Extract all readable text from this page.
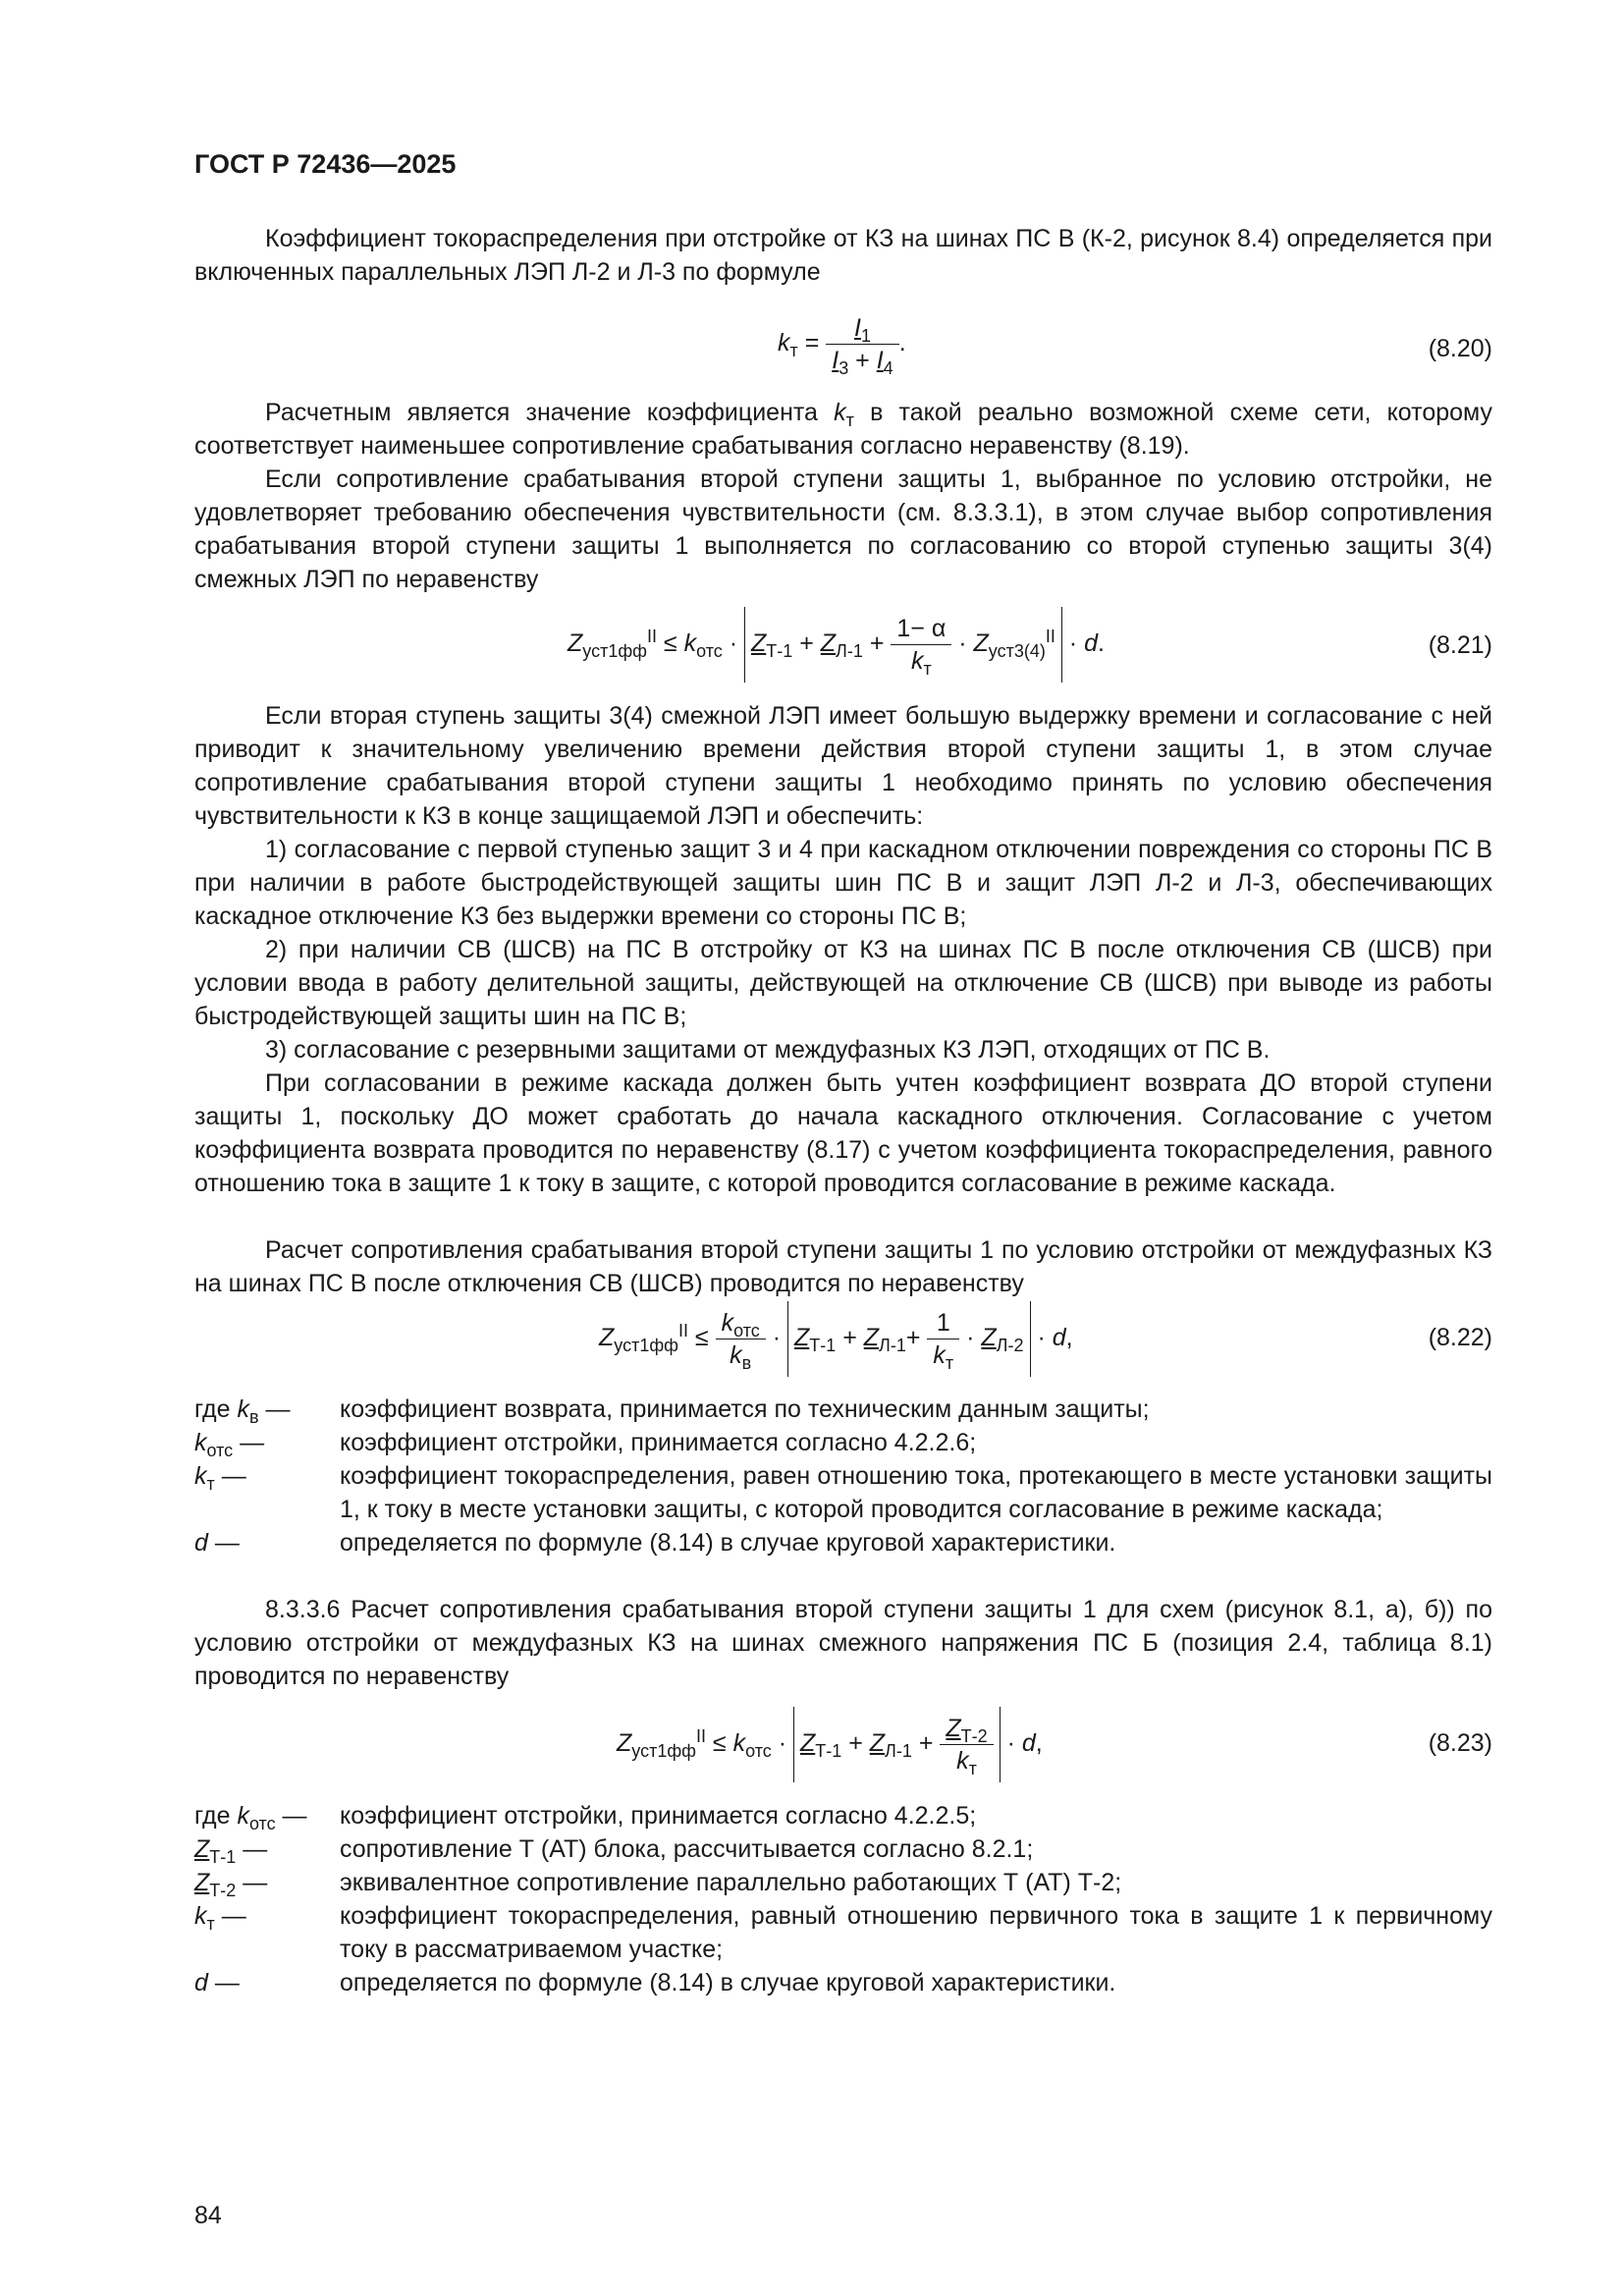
ГОСТ Р 72436—2025
Коэффициент токораспределения при отстройке от КЗ на шинах ПС В (К-2, рисунок 8.4) определяется при включенных параллельных ЛЭП Л-2 и Л-3 по формуле
$k_т = \frac{I_1}{I_3 + I_4}$ .	(8.20)
Расчетным является значение коэффициента $k_т$ в такой реально возможной схеме сети, которому соответствует наименьшее сопротивление срабатывания согласно неравенству (8.19).
Если сопротивление срабатывания второй ступени защиты 1, выбранное по условию отстройки, не удовлетворяет требованию обеспечения чувствительности (см. 8.3.3.1), в этом случае выбор сопротивления срабатывания второй ступени защиты 1 выполняется по согласованию со второй ступенью защиты 3(4) смежных ЛЭП по неравенству
$Z_{уст1фф}^{II} \le k_{отс} \cdot Z_{Т-1} + Z_{Л-1}$ +
1− α
$k_т$
· $Z_{уст3(4)}^{II} \cdot d$.	(8.21)
Если вторая ступень защиты 3(4) смежной ЛЭП имеет большую выдержку времени и согласование с ней приводит к значительному увеличению времени действия второй ступени защиты 1, в этом случае сопротивление срабатывания второй ступени защиты 1 необходимо принять по условию обеспечения чувствительности к КЗ в конце защищаемой ЛЭП и обеспечить:
1) согласование с первой ступенью защит 3 и 4 при каскадном отключении повреждения со стороны ПС В при наличии в работе быстродействующей защиты шин ПС В и защит ЛЭП Л-2 и Л-3, обеспечивающих каскадное отключение КЗ без выдержки времени со стороны ПС В;
2) при наличии СВ (ШСВ) на ПС В отстройку от КЗ на шинах ПС В после отключения СВ (ШСВ) при условии ввода в работу делительной защиты, действующей на отключение СВ (ШСВ) при выводе из работы быстродействующей защиты шин на ПС В;
3) согласование с резервными защитами от междуфазных КЗ ЛЭП, отходящих от ПС В.
При согласовании в режиме каскада должен быть учтен коэффициент возврата ДО второй ступени защиты 1, поскольку ДО может сработать до начала каскадного отключения. Согласование с учетом коэффициента возврата проводится по неравенству (8.17) с учетом коэффициента токораспределения, равного отношению тока в защите 1 к току в защите, с которой проводится согласование в режиме каскада.
Расчет сопротивления срабатывания второй ступени защиты 1 по условию отстройки от междуфазных КЗ на шинах ПС В после отключения СВ (ШСВ) проводится по неравенству
$Z_{уст1фф}^{II}$ ≤
$k_{отс}$
$k_в$
· $Z_{Т-1} + Z_{Л-1}+$
1
$k_т$
· $Z_{Л-2} \cdot d$,	(8.22)
где $k_в$ —	коэффициент возврата, принимается по техническим данным защиты;
$k_{отс}$ —	коэффициент отстройки, принимается согласно 4.2.2.6;
$k_т$ —	коэффициент токораспределения, равен отношению тока, протекающего в месте установки защиты 1, к току в месте установки защиты, с которой проводится согласование в режиме каскада;
d —	определяется по формуле (8.14) в случае круговой характеристики.
8.3.3.6 Расчет сопротивления срабатывания второй ступени защиты 1 для схем (рисунок 8.1, а), б)) по условию отстройки от междуфазных КЗ на шинах смежного напряжения ПС Б (позиция 2.4, таблица 8.1) проводится по неравенству
$Z_{уст1фф}^{II} \le k_{отс} \cdot Z_{Т-1} + Z_{Л-1}$ +
$Z_{Т-2}$
$k_т$
· d,	(8.23)
где $k_{отс}$ —	коэффициент отстройки, принимается согласно 4.2.2.5;
$Z_{Т-1}$ —	сопротивление Т (АТ) блока, рассчитывается согласно 8.2.1;
$Z_{Т-2}$ —	эквивалентное сопротивление параллельно работающих Т (АТ) Т-2;
$k_т$ —	коэффициент токораспределения, равный отношению первичного тока в защите 1 к первичному току в рассматриваемом участке;
d —	определяется по формуле (8.14) в случае круговой характеристики.
84
